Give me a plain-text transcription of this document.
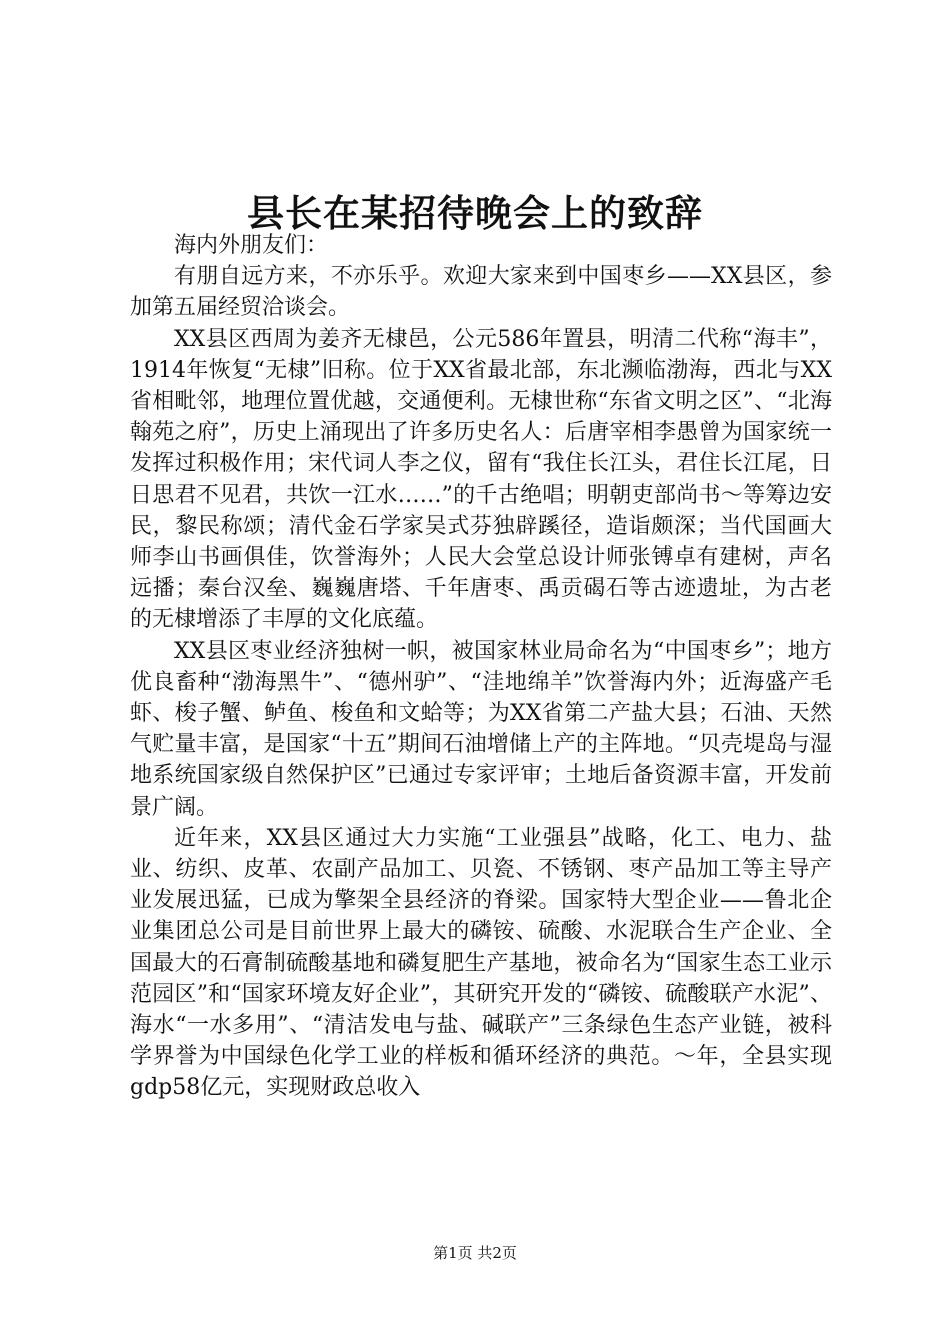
县长在某招待晚会上的致辞

海内外朋友们：

有朋自远方来，不亦乐乎。欢迎大家来到中国枣乡——XX县区，参加第五届经贸洽谈会。

XX县区西周为姜齐无棣邑，公元586年置县，明清二代称“海丰”，1914年恢复“无棣”旧称。位于XX省最北部，东北濒临渤海，西北与XX省相毗邻，地理位置优越，交通便利。无棣世称“东省文明之区”、“北海翰苑之府”，历史上涌现出了许多历史名人：后唐宰相李愚曾为国家统一发挥过积极作用；宋代词人李之仪，留有“我住长江头，君住长江尾，日日思君不见君，共饮一江水……”的千古绝唱；明朝吏部尚书～等筹边安民，黎民称颂；清代金石学家吴式芬独辟蹊径，造诣颇深；当代国画大师李山书画俱佳，饮誉海外；人民大会堂总设计师张镈卓有建树，声名远播；秦台汉垒、巍巍唐塔、千年唐枣、禹贡碣石等古迹遗址，为古老的无棣增添了丰厚的文化底蕴。

XX县区枣业经济独树一帜，被国家林业局命名为“中国枣乡”；地方优良畜种“渤海黑牛”、“德州驴”、“洼地绵羊”饮誉海内外；近海盛产毛虾、梭子蟹、鲈鱼、梭鱼和文蛤等；为XX省第二产盐大县；石油、天然气贮量丰富，是国家“十五”期间石油增储上产的主阵地。“贝壳堤岛与湿地系统国家级自然保护区”已通过专家评审；土地后备资源丰富，开发前景广阔。

近年来，XX县区通过大力实施“工业强县”战略，化工、电力、盐业、纺织、皮革、农副产品加工、贝瓷、不锈钢、枣产品加工等主导产业发展迅猛，已成为擎架全县经济的脊梁。国家特大型企业——鲁北企业集团总公司是目前世界上最大的磷铵、硫酸、水泥联合生产企业、全国最大的石膏制硫酸基地和磷复肥生产基地，被命名为“国家生态工业示范园区”和“国家环境友好企业”，其研究开发的“磷铵、硫酸联产水泥”、海水“一水多用”、“清洁发电与盐、碱联产”三条绿色生态产业链，被科学界誉为中国绿色化学工业的样板和循环经济的典范。～年，全县实现gdp58亿元，实现财政总收入

第1页 共2页
